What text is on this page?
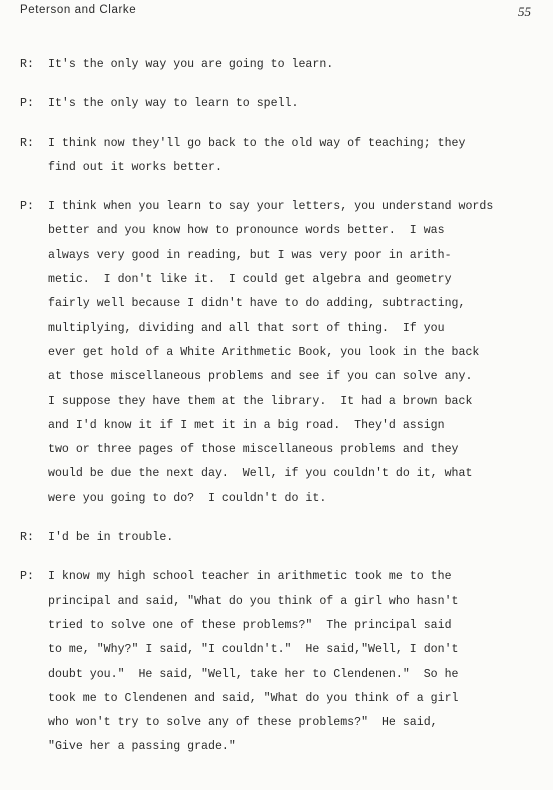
Peterson and Clarke	55
R:	It's the only way you are going to learn.
P:	It's the only way to learn to spell.
R:	I think now they'll go back to the old way of teaching; they
find out it works better.
P:	I think when you learn to say your letters, you understand words
better and you know how to pronounce words better.  I was
always very good in reading, but I was very poor in arith-
metic.  I don't like it.  I could get algebra and geometry
fairly well because I didn't have to do adding, subtracting,
multiplying, dividing and all that sort of thing.  If you
ever get hold of a White Arithmetic Book, you look in the back
at those miscellaneous problems and see if you can solve any.
I suppose they have them at the library.  It had a brown back
and I'd know it if I met it in a big road.  They'd assign
two or three pages of those miscellaneous problems and they
would be due the next day.  Well, if you couldn't do it, what
were you going to do?  I couldn't do it.
R:	I'd be in trouble.
P:	I know my high school teacher in arithmetic took me to the
principal and said, "What do you think of a girl who hasn't
tried to solve one of these problems?"  The principal said
to me, "Why?" I said, "I couldn't."  He said,"Well, I don't
doubt you."  He said, "Well, take her to Clendenen."  So he
took me to Clendenen and said, "What do you think of a girl
who won't try to solve any of these problems?"  He said,
"Give her a passing grade."
